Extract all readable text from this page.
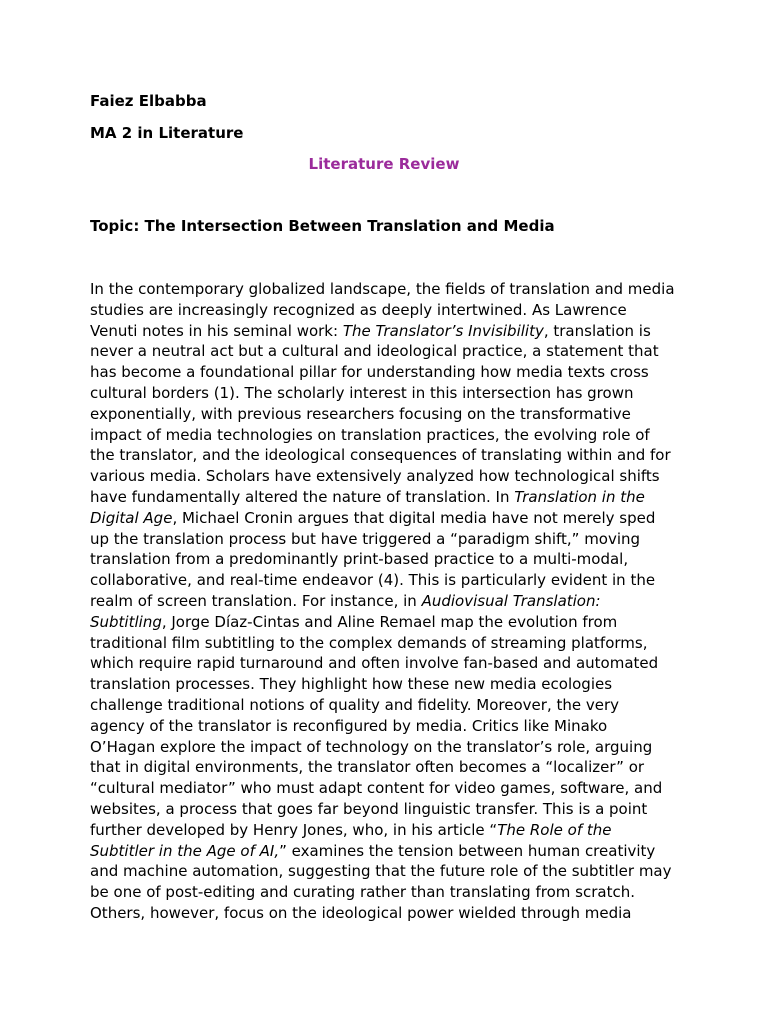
Faiez Elbabba
MA 2 in Literature
Literature Review
Topic: The Intersection Between Translation and Media
In the contemporary globalized landscape, the fields of translation and media
studies are increasingly recognized as deeply intertwined. As Lawrence
Venuti notes in his seminal work: The Translator’s Invisibility, translation is
never a neutral act but a cultural and ideological practice, a statement that
has become a foundational pillar for understanding how media texts cross
cultural borders (1). The scholarly interest in this intersection has grown
exponentially, with previous researchers focusing on the transformative
impact of media technologies on translation practices, the evolving role of
the translator, and the ideological consequences of translating within and for
various media. Scholars have extensively analyzed how technological shifts
have fundamentally altered the nature of translation. In Translation in the
Digital Age, Michael Cronin argues that digital media have not merely sped
up the translation process but have triggered a “paradigm shift,” moving
translation from a predominantly print-based practice to a multi-modal,
collaborative, and real-time endeavor (4). This is particularly evident in the
realm of screen translation. For instance, in Audiovisual Translation:
Subtitling, Jorge Díaz-Cintas and Aline Remael map the evolution from
traditional film subtitling to the complex demands of streaming platforms,
which require rapid turnaround and often involve fan-based and automated
translation processes. They highlight how these new media ecologies
challenge traditional notions of quality and fidelity. Moreover, the very
agency of the translator is reconfigured by media. Critics like Minako
O’Hagan explore the impact of technology on the translator’s role, arguing
that in digital environments, the translator often becomes a “localizer” or
“cultural mediator” who must adapt content for video games, software, and
websites, a process that goes far beyond linguistic transfer. This is a point
further developed by Henry Jones, who, in his article “The Role of the
Subtitler in the Age of AI,” examines the tension between human creativity
and machine automation, suggesting that the future role of the subtitler may
be one of post-editing and curating rather than translating from scratch.
Others, however, focus on the ideological power wielded through media
